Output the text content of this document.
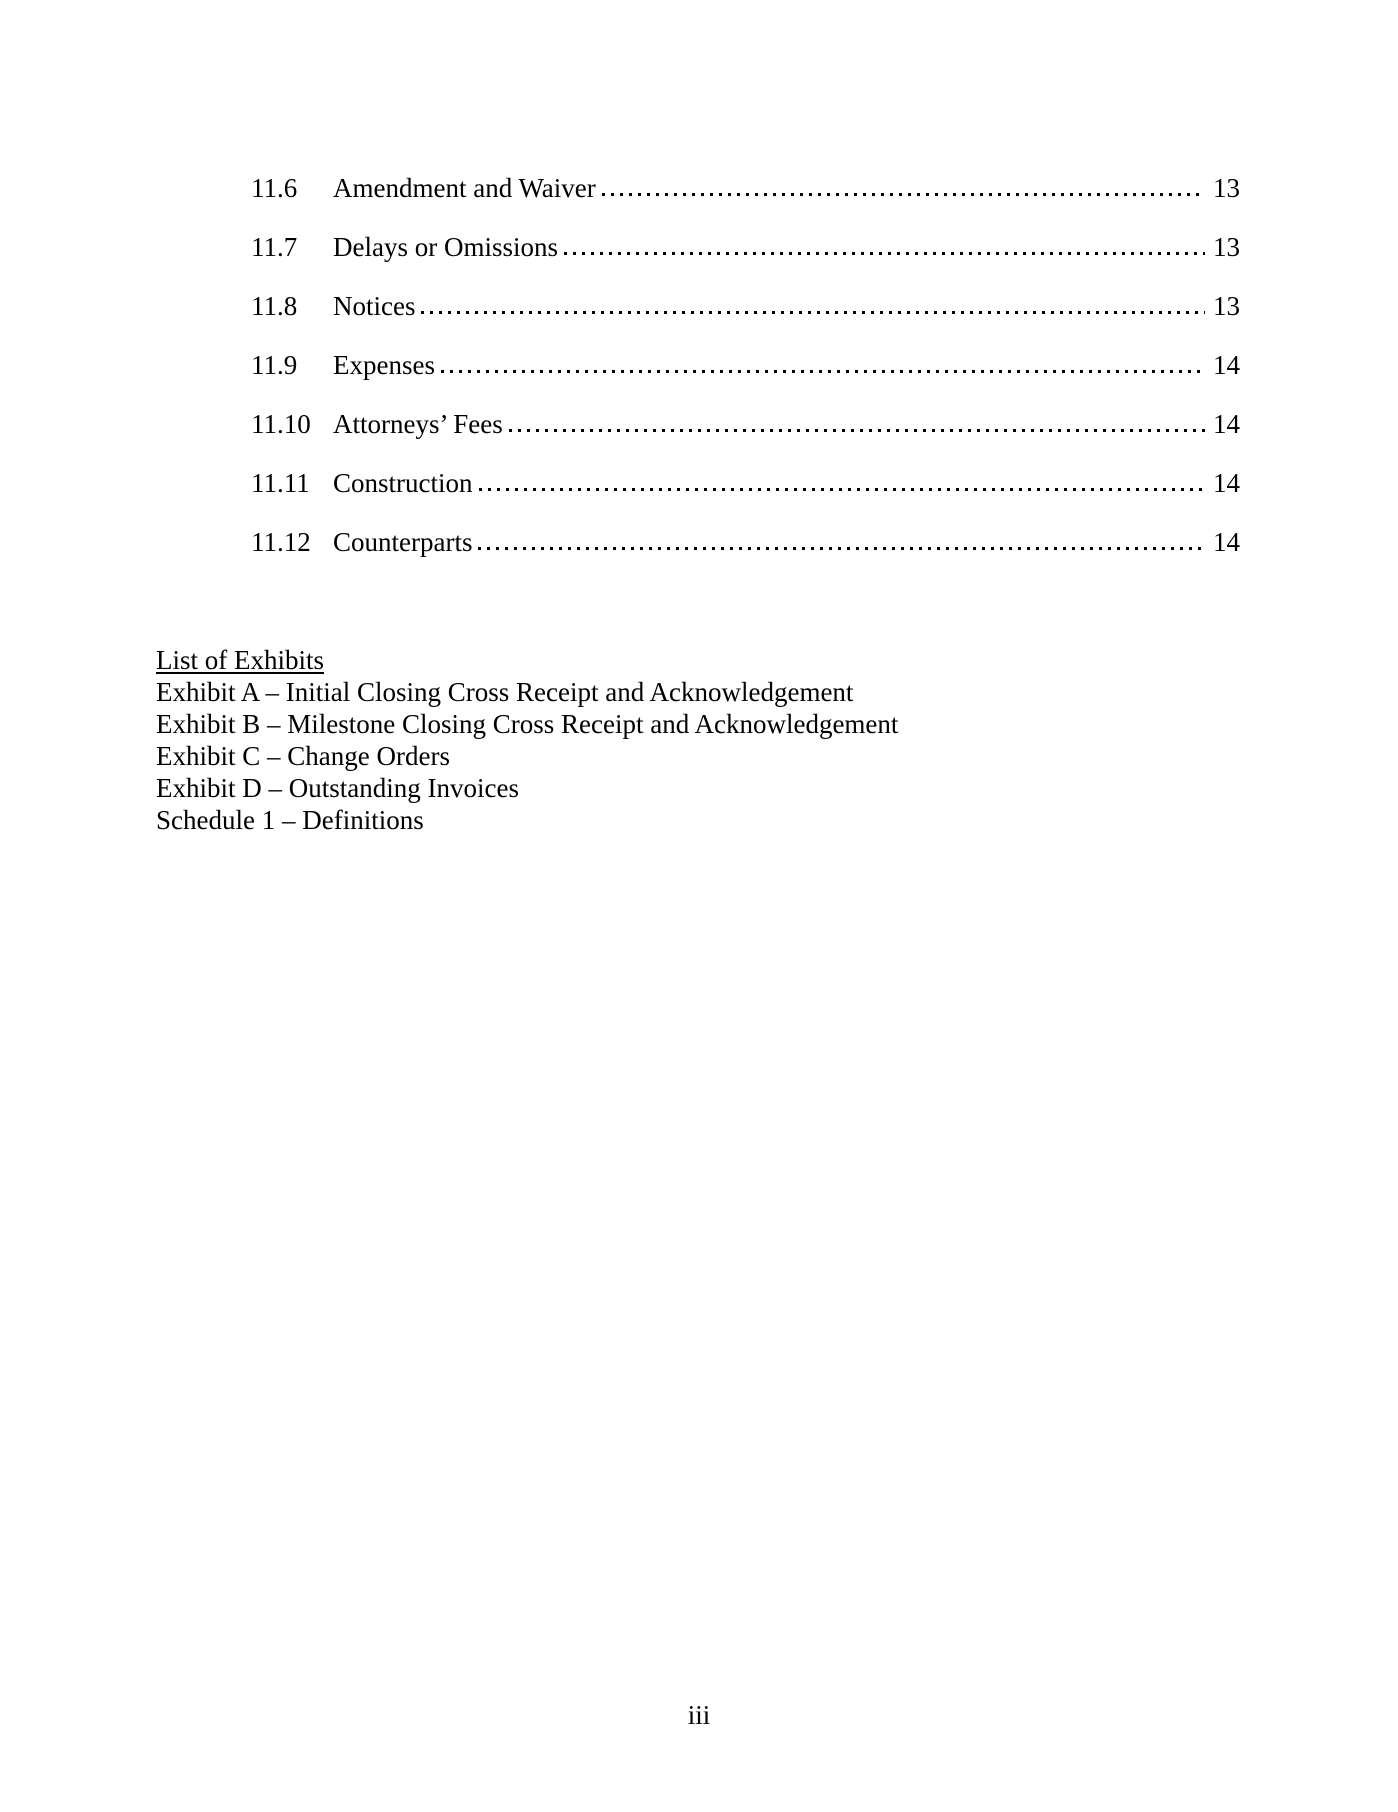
11.6	Amendment and Waiver	13
11.7	Delays or Omissions	13
11.8	Notices	13
11.9	Expenses	14
11.10 Attorneys’ Fees	14
11.11 Construction	14
11.12 Counterparts	14
List of Exhibits
Exhibit A – Initial Closing Cross Receipt and Acknowledgement
Exhibit B – Milestone Closing Cross Receipt and Acknowledgement
Exhibit C – Change Orders
Exhibit D – Outstanding Invoices
Schedule 1 – Definitions
iii
